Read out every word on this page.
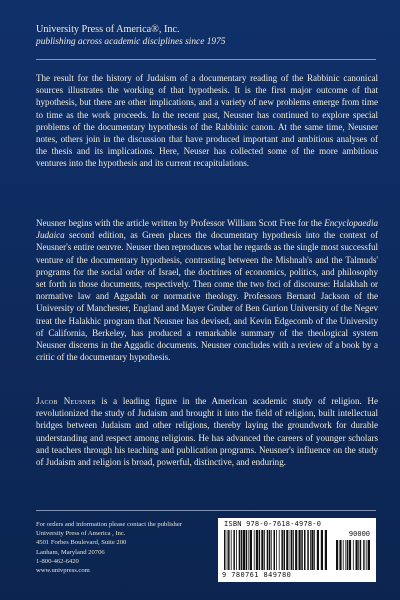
University Press of America®, Inc.
publishing across academic disciplines since 1975

The result for the history of Judaism of a documentary reading of the Rabbinic canonical sources illustrates the working of that hypothesis. It is the first major outcome of that hypothesis, but there are other implications, and a variety of new problems emerge from time to time as the work proceeds. In the recent past, Neusner has continued to explore special problems of the documentary hypothesis of the Rabbinic canon. At the same time, Neusner notes, others join in the discussion that have produced important and ambitious analyses of the thesis and its implications. Here, Neuser has collected some of the more ambitious ventures into the hypothesis and its current recapitulations.

Neusner begins with the article written by Professor William Scott Free for the Encyclopaedia Judaica second edition, as Green places the documentary hypothesis into the context of Neusner's entire oeuvre. Neuser then reproduces what he regards as the single most successful venture of the documentary hypothesis, contrasting between the Mishnah's and the Talmuds' programs for the social order of Israel, the doctrines of economics, politics, and philosophy set forth in those documents, respectively. Then come the two foci of discourse: Halakhah or normative law and Aggadah or normative theology. Professors Bernard Jackson of the University of Manchester, England and Mayer Gruber of Ben Gurion University of the Negev treat the Halakhic program that Neusner has devised, and Kevin Edgecomb of the University of California, Berkeley, has produced a remarkable summary of the theological system Neusner discerns in the Aggadic documents. Neusner concludes with a review of a book by a critic of the documentary hypothesis.

Jacob Neusner is a leading figure in the American academic study of religion. He revolutionized the study of Judaism and brought it into the field of religion, built intellectual bridges between Judaism and other religions, thereby laying the groundwork for durable understanding and respect among religions. He has advanced the careers of younger scholars and teachers through his teaching and publication programs. Neusner's influence on the study of Judaism and religion is broad, powerful, distinctive, and enduring.

For orders and information please contact the publisher
University Press of America , Inc.
4501 Forbes Boulevard, Suite 200
Lanham, Maryland 20706
1-800-462-6420
www.univpress.com
ISBN 978-0-7618-4978-0
90000
9 780761 849780
